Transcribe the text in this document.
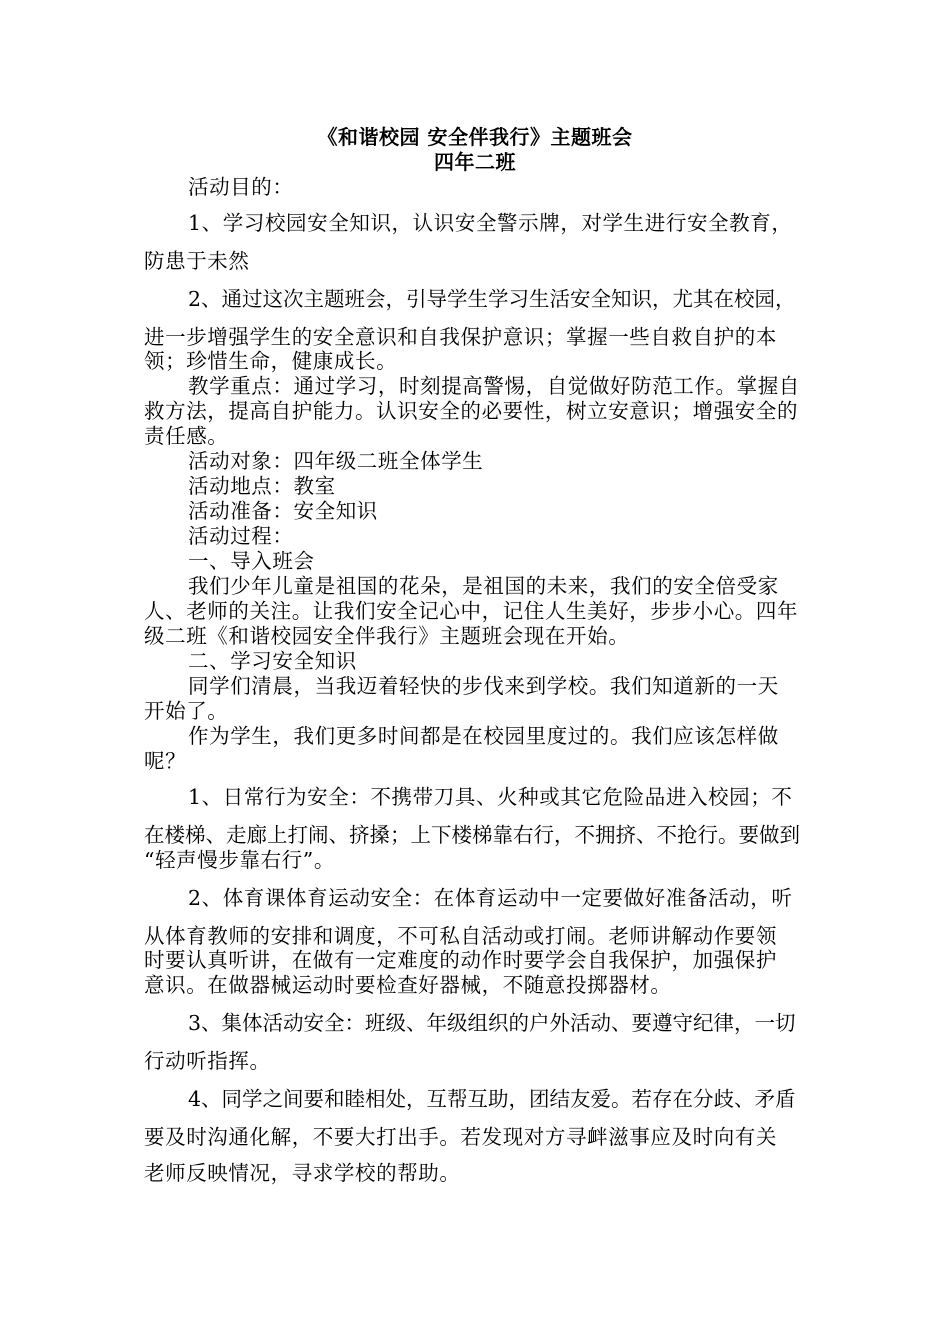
《和谐校园 安全伴我行》主题班会
四年二班
活动目的：
1、学习校园安全知识，认识安全警示牌，对学生进行安全教育，
防患于未然
2、通过这次主题班会，引导学生学习生活安全知识，尤其在校园，
进一步增强学生的安全意识和自我保护意识；掌握一些自救自护的本
领；珍惜生命，健康成长。
教学重点：通过学习，时刻提高警惕，自觉做好防范工作。掌握自
救方法，提高自护能力。认识安全的必要性，树立安意识；增强安全的
责任感。
活动对象：四年级二班全体学生
活动地点：教室
活动准备：安全知识
活动过程：
一、导入班会
我们少年儿童是祖国的花朵，是祖国的未来，我们的安全倍受家
人、老师的关注。让我们安全记心中，记住人生美好，步步小心。四年
级二班《和谐校园安全伴我行》主题班会现在开始。
二、学习安全知识
同学们清晨，当我迈着轻快的步伐来到学校。我们知道新的一天
开始了。
作为学生，我们更多时间都是在校园里度过的。我们应该怎样做
呢？
1、日常行为安全：不携带刀具、火种或其它危险品进入校园；不
在楼梯、走廊上打闹、挤搡；上下楼梯靠右行，不拥挤、不抢行。要做到
“轻声慢步靠右行”。
2、体育课体育运动安全：在体育运动中一定要做好准备活动，听
从体育教师的安排和调度，不可私自活动或打闹。老师讲解动作要领
时要认真听讲，在做有一定难度的动作时要学会自我保护，加强保护
意识。在做器械运动时要检查好器械，不随意投掷器材。
3、集体活动安全：班级、年级组织的户外活动、要遵守纪律，一切
行动听指挥。
4、同学之间要和睦相处，互帮互助，团结友爱。若存在分歧、矛盾
要及时沟通化解，不要大打出手。若发现对方寻衅滋事应及时向有关
老师反映情况，寻求学校的帮助。
